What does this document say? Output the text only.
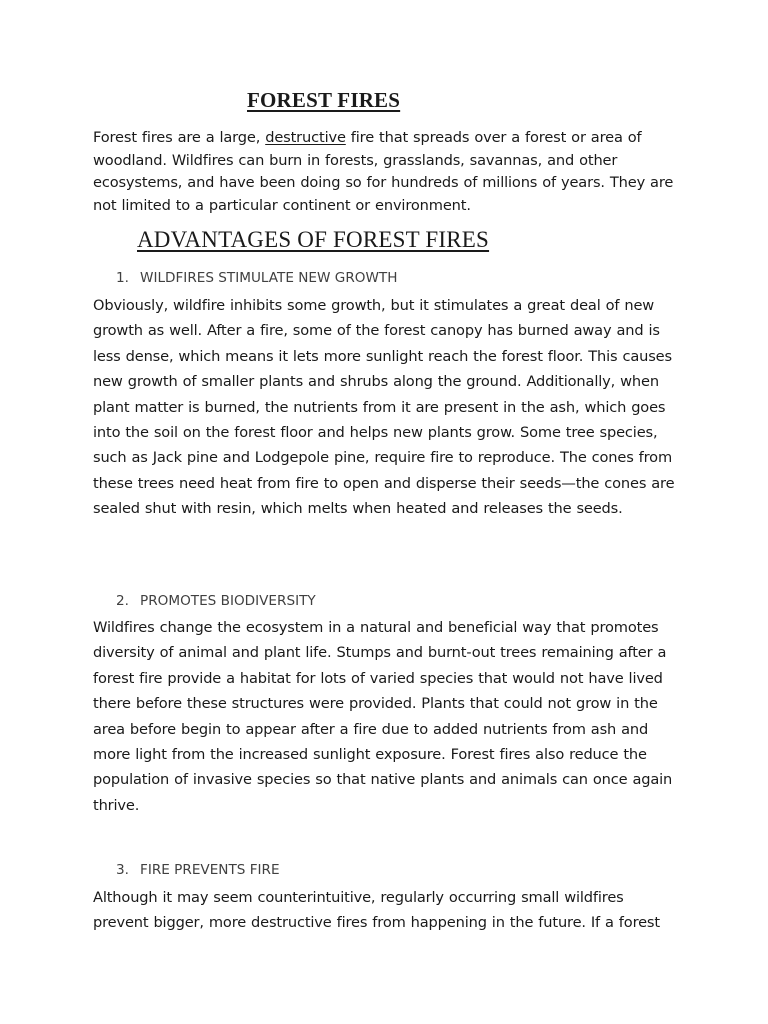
FOREST FIRES

Forest fires are a large, destructive fire that spreads over a forest or area of woodland. Wildfires can burn in forests, grasslands, savannas, and other ecosystems, and have been doing so for hundreds of millions of years. They are not limited to a particular continent or environment.

ADVANTAGES OF FOREST FIRES
1. WILDFIRES STIMULATE NEW GROWTH

Obviously, wildfire inhibits some growth, but it stimulates a great deal of new growth as well. After a fire, some of the forest canopy has burned away and is less dense, which means it lets more sunlight reach the forest floor. This causes new growth of smaller plants and shrubs along the ground. Additionally, when plant matter is burned, the nutrients from it are present in the ash, which goes into the soil on the forest floor and helps new plants grow. Some tree species, such as Jack pine and Lodgepole pine, require fire to reproduce. The cones from these trees need heat from fire to open and disperse their seeds—the cones are sealed shut with resin, which melts when heated and releases the seeds.

2. PROMOTES BIODIVERSITY

Wildfires change the ecosystem in a natural and beneficial way that promotes diversity of animal and plant life. Stumps and burnt-out trees remaining after a forest fire provide a habitat for lots of varied species that would not have lived there before these structures were provided. Plants that could not grow in the area before begin to appear after a fire due to added nutrients from ash and more light from the increased sunlight exposure. Forest fires also reduce the population of invasive species so that native plants and animals can once again thrive.

3. FIRE PREVENTS FIRE

Although it may seem counterintuitive, regularly occurring small wildfires prevent bigger, more destructive fires from happening in the future. If a forest
